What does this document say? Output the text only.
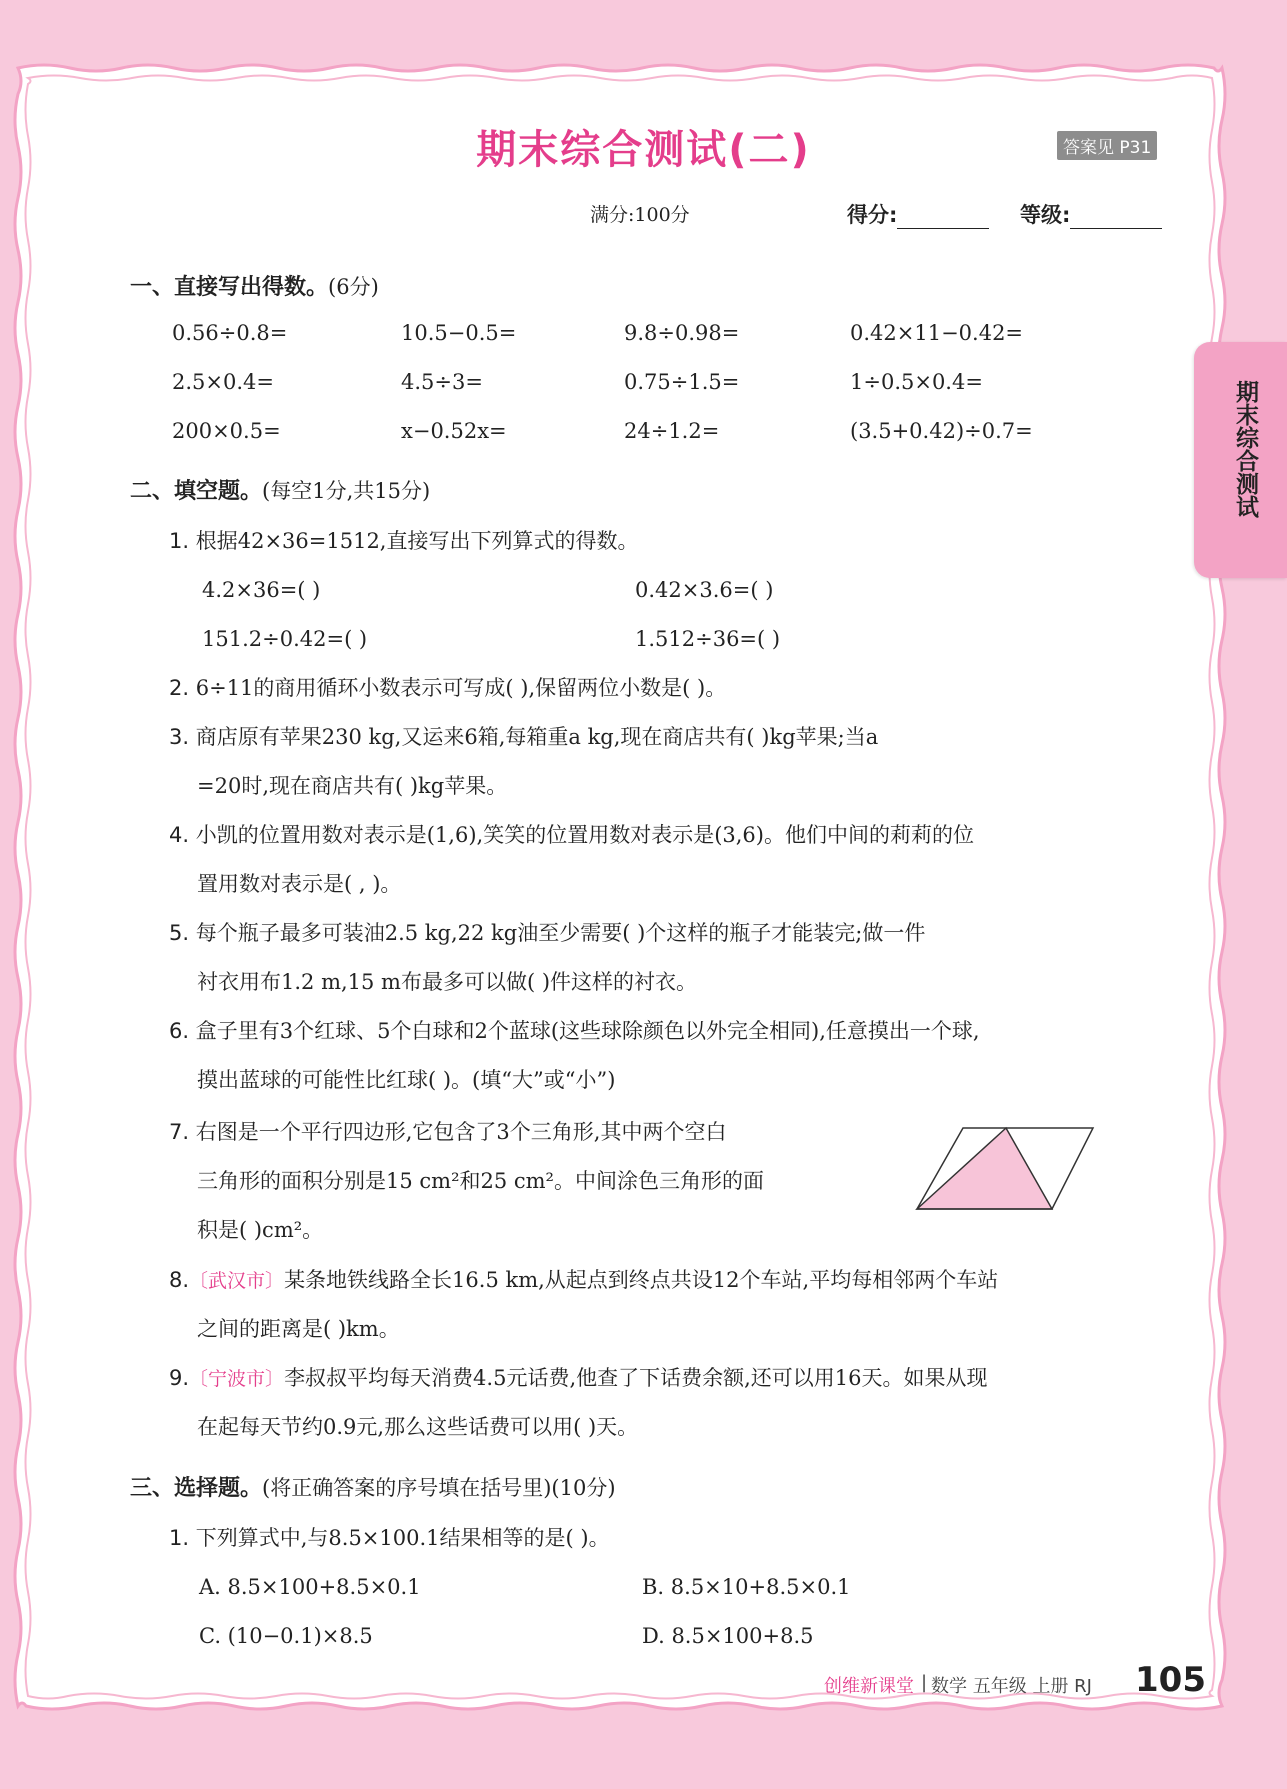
期末综合测试
期末综合测试(二)	答案见 P31
满分:100分	得分:	等级:
一、直接写出得数。(6分)
0.56÷0.8=	10.5−0.5=	9.8÷0.98=	0.42×11−0.42=
2.5×0.4=	4.5÷3=	0.75÷1.5=	1÷0.5×0.4=
200×0.5=	x−0.52x=	24÷1.2=	(3.5+0.42)÷0.7=
二、填空题。(每空1分,共15分)
1. 根据42×36=1512,直接写出下列算式的得数。
4.2×36=( )	0.42×3.6=( )
151.2÷0.42=( )	1.512÷36=( )
2. 6÷11的商用循环小数表示可写成( ),保留两位小数是( )。
3. 商店原有苹果230 kg,又运来6箱,每箱重a kg,现在商店共有( )kg苹果;当a
=20时,现在商店共有( )kg苹果。
4. 小凯的位置用数对表示是(1,6),笑笑的位置用数对表示是(3,6)。他们中间的莉莉的位
置用数对表示是( , )。
5. 每个瓶子最多可装油2.5 kg,22 kg油至少需要( )个这样的瓶子才能装完;做一件
衬衣用布1.2 m,15 m布最多可以做( )件这样的衬衣。
6. 盒子里有3个红球、5个白球和2个蓝球(这些球除颜色以外完全相同),任意摸出一个球,
摸出蓝球的可能性比红球( )。(填“大”或“小”)
7. 右图是一个平行四边形,它包含了3个三角形,其中两个空白
三角形的面积分别是15 cm²和25 cm²。中间涂色三角形的面
积是( )cm²。
8.〔武汉市〕某条地铁线路全长16.5 km,从起点到终点共设12个车站,平均每相邻两个车站
之间的距离是( )km。
9.〔宁波市〕李叔叔平均每天消费4.5元话费,他查了下话费余额,还可以用16天。如果从现
在起每天节约0.9元,那么这些话费可以用( )天。
三、选择题。(将正确答案的序号填在括号里)(10分)
1. 下列算式中,与8.5×100.1结果相等的是( )。
A. 8.5×100+8.5×0.1	B. 8.5×10+8.5×0.1
C. (10−0.1)×8.5	D. 8.5×100+8.5
创维新课堂 | 数学 五年级 上册 RJ 105
